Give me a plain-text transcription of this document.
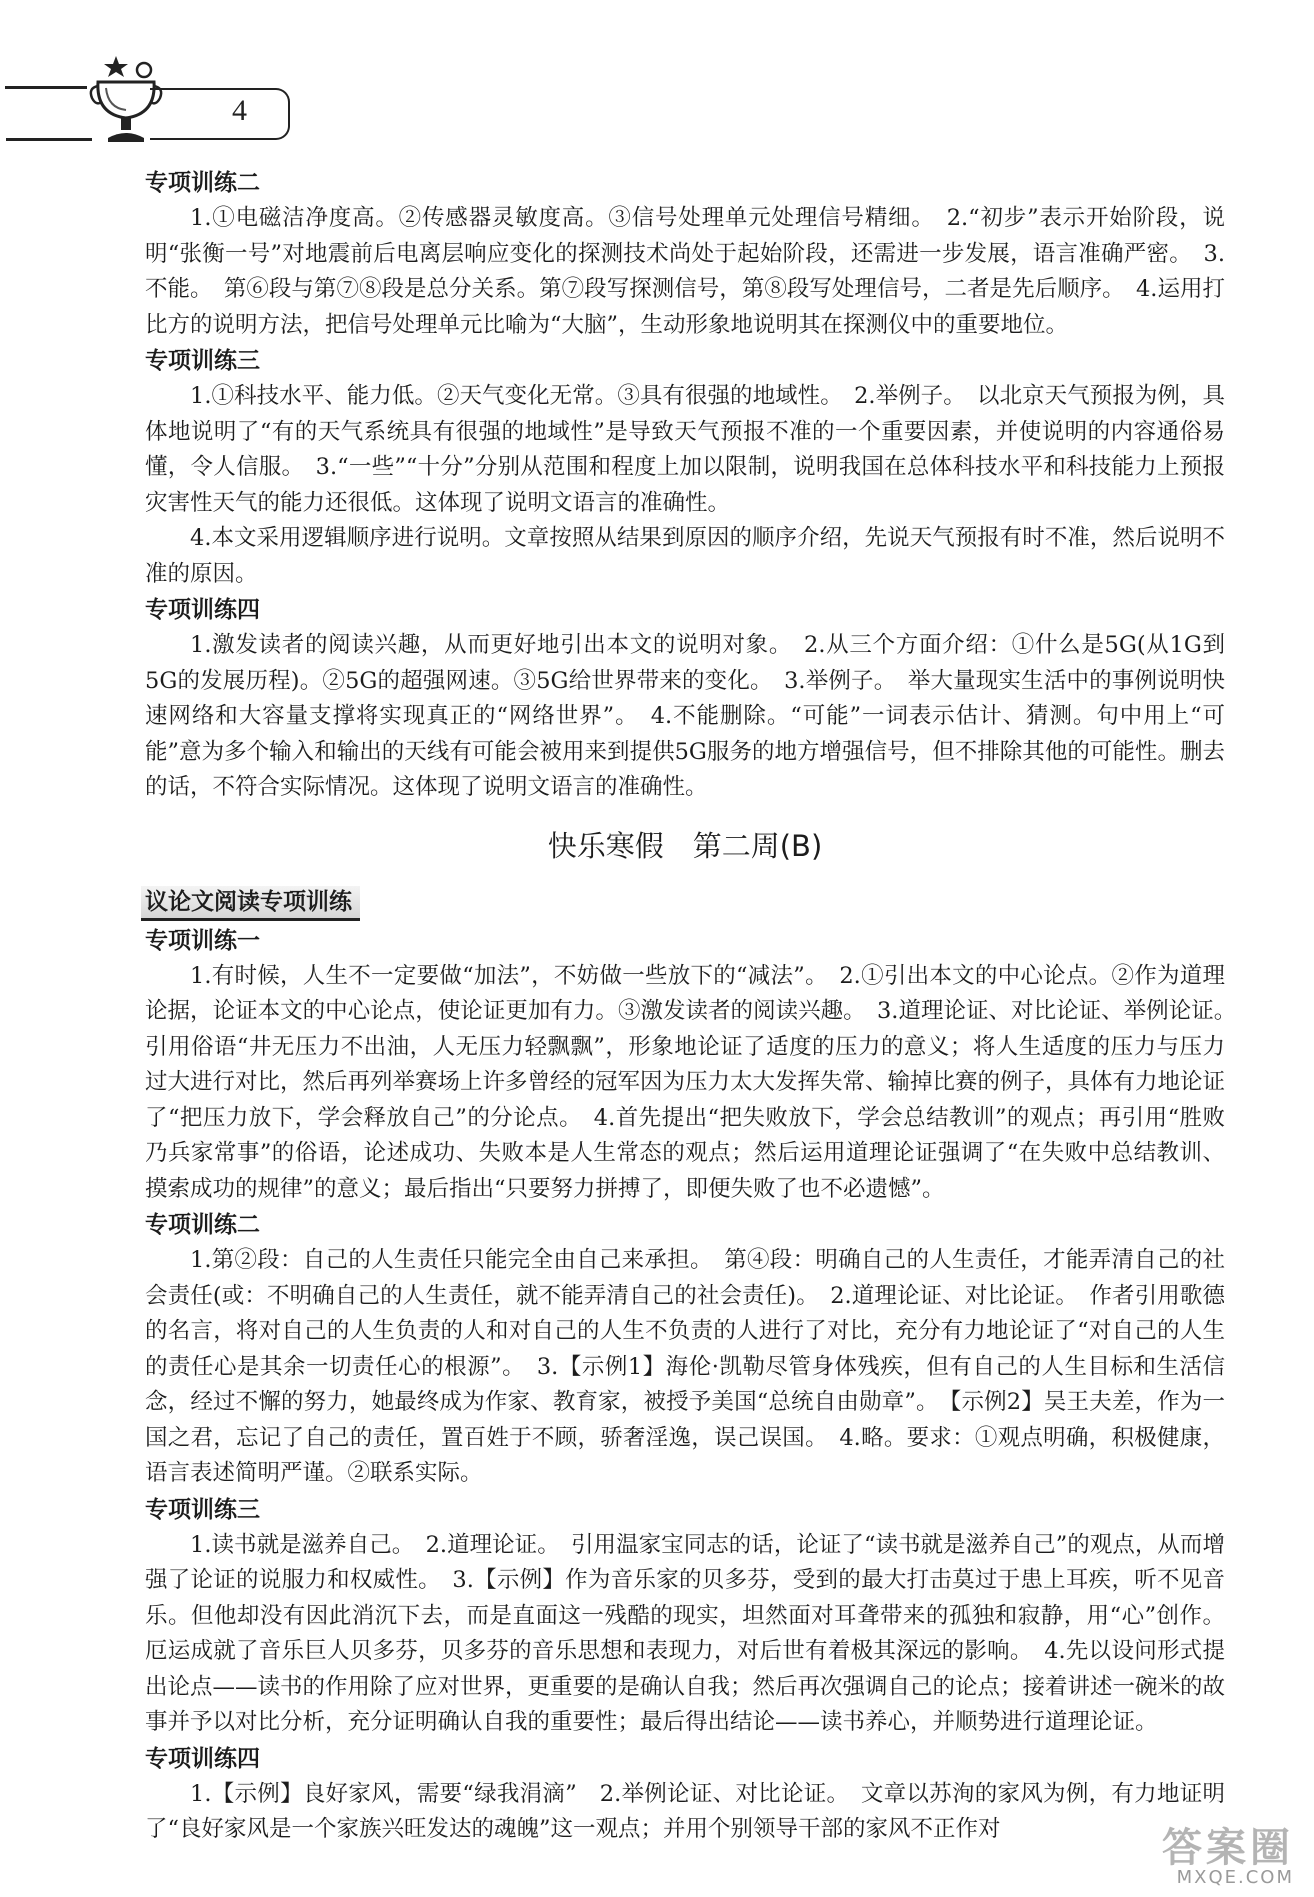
4
专项训练二

1.①电磁洁净度高。②传感器灵敏度高。③信号处理单元处理信号精细。　2.“初步”表示开始阶段，说明“张衡一号”对地震前后电离层响应变化的探测技术尚处于起始阶段，还需进一步发展，语言准确严密。　3.不能。　第⑥段与第⑦⑧段是总分关系。第⑦段写探测信号，第⑧段写处理信号，二者是先后顺序。　4.运用打比方的说明方法，把信号处理单元比喻为“大脑”，生动形象地说明其在探测仪中的重要地位。

专项训练三

1.①科技水平、能力低。②天气变化无常。③具有很强的地域性。　2.举例子。　以北京天气预报为例，具体地说明了“有的天气系统具有很强的地域性”是导致天气预报不准的一个重要因素，并使说明的内容通俗易懂，令人信服。　3.“一些”“十分”分别从范围和程度上加以限制，说明我国在总体科技水平和科技能力上预报灾害性天气的能力还很低。这体现了说明文语言的准确性。

4.本文采用逻辑顺序进行说明。文章按照从结果到原因的顺序介绍，先说天气预报有时不准，然后说明不准的原因。

专项训练四

1.激发读者的阅读兴趣，从而更好地引出本文的说明对象。　2.从三个方面介绍：①什么是5G(从1G到5G的发展历程)。②5G的超强网速。③5G给世界带来的变化。　3.举例子。　举大量现实生活中的事例说明快速网络和大容量支撑将实现真正的“网络世界”。　4.不能删除。“可能”一词表示估计、猜测。句中用上“可能”意为多个输入和输出的天线有可能会被用来到提供5G服务的地方增强信号，但不排除其他的可能性。删去的话，不符合实际情况。这体现了说明文语言的准确性。

快乐寒假　第二周(B)
议论文阅读专项训练
专项训练一

1.有时候，人生不一定要做“加法”，不妨做一些放下的“减法”。　2.①引出本文的中心论点。②作为道理论据，论证本文的中心论点，使论证更加有力。③激发读者的阅读兴趣。　3.道理论证、对比论证、举例论证。　引用俗语“井无压力不出油，人无压力轻飘飘”，形象地论证了适度的压力的意义；将人生适度的压力与压力过大进行对比，然后再列举赛场上许多曾经的冠军因为压力太大发挥失常、输掉比赛的例子，具体有力地论证了“把压力放下，学会释放自己”的分论点。　4.首先提出“把失败放下，学会总结教训”的观点；再引用“胜败乃兵家常事”的俗语，论述成功、失败本是人生常态的观点；然后运用道理论证强调了“在失败中总结教训、摸索成功的规律”的意义；最后指出“只要努力拼搏了，即便失败了也不必遗憾”。

专项训练二

1.第②段：自己的人生责任只能完全由自己来承担。　第④段：明确自己的人生责任，才能弄清自己的社会责任(或：不明确自己的人生责任，就不能弄清自己的社会责任)。　2.道理论证、对比论证。　作者引用歌德的名言，将对自己的人生负责的人和对自己的人生不负责的人进行了对比，充分有力地论证了“对自己的人生的责任心是其余一切责任心的根源”。　3.【示例1】海伦·凯勒尽管身体残疾，但有自己的人生目标和生活信念，经过不懈的努力，她最终成为作家、教育家，被授予美国“总统自由勋章”。　【示例2】吴王夫差，作为一国之君，忘记了自己的责任，置百姓于不顾，骄奢淫逸，误己误国。　4.略。要求：①观点明确，积极健康，语言表述简明严谨。②联系实际。

专项训练三

1.读书就是滋养自己。　2.道理论证。　引用温家宝同志的话，论证了“读书就是滋养自己”的观点，从而增强了论证的说服力和权威性。　3.【示例】作为音乐家的贝多芬，受到的最大打击莫过于患上耳疾，听不见音乐。但他却没有因此消沉下去，而是直面这一残酷的现实，坦然面对耳聋带来的孤独和寂静，用“心”创作。厄运成就了音乐巨人贝多芬，贝多芬的音乐思想和表现力，对后世有着极其深远的影响。　4.先以设问形式提出论点——读书的作用除了应对世界，更重要的是确认自我；然后再次强调自己的论点；接着讲述一碗米的故事并予以对比分析，充分证明确认自我的重要性；最后得出结论——读书养心，并顺势进行道理论证。

专项训练四

1.【示例】良好家风，需要“绿我涓滴”　2.举例论证、对比论证。　文章以苏洵的家风为例，有力地证明了“良好家风是一个家族兴旺发达的魂魄”这一观点；并用个别领导干部的家风不正作对	答案圈
MXQE.COM
